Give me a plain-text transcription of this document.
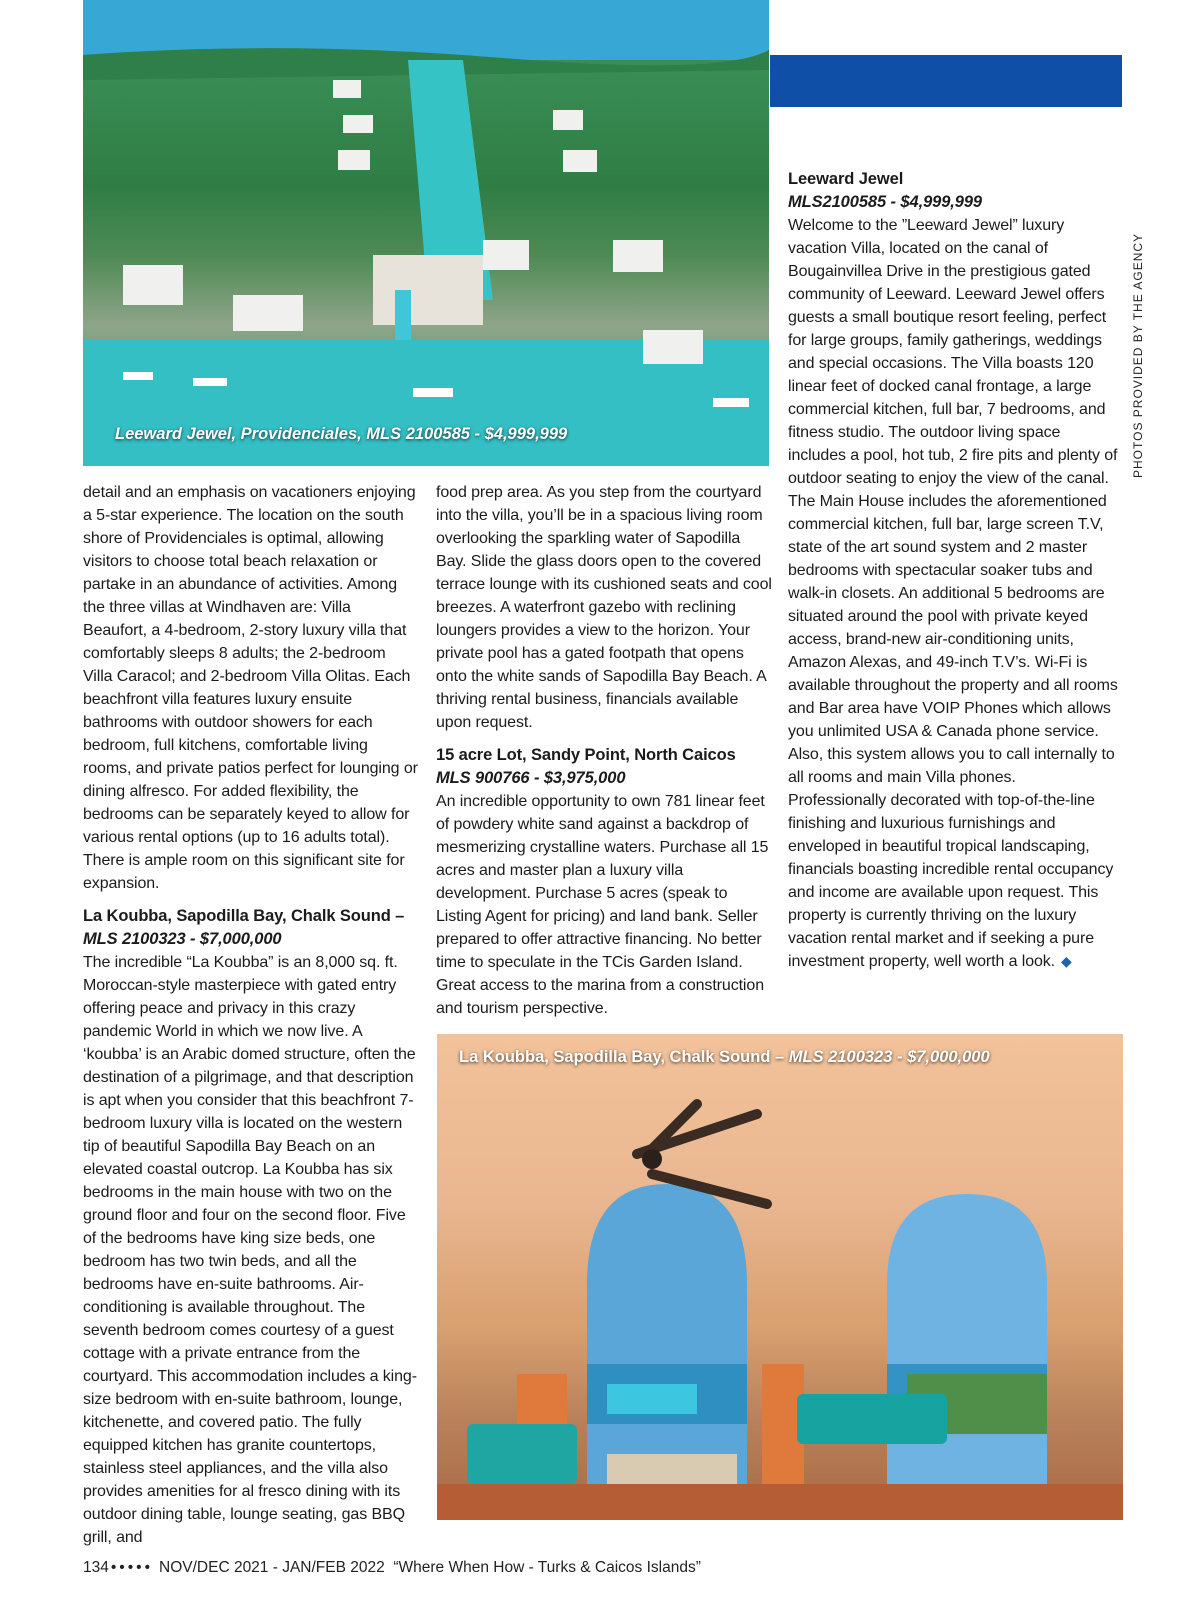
Leeward Jewel, Providenciales, MLS 2100585 - $4,999,999

Leeward Jewel

MLS2100585 - $4,999,999

Welcome to the ”Leeward Jewel” luxury vacation Villa, located on the canal of Bougainvillea Drive in the prestigious gated community of Leeward. Leeward Jewel offers guests a small boutique resort feeling, perfect for large groups, family gatherings, weddings and special occasions. The Villa boasts 120 linear feet of docked canal frontage, a large commercial kitchen, full bar, 7 bedrooms, and fitness studio. The outdoor living space includes a pool, hot tub, 2 fire pits and plenty of outdoor seating to enjoy the view of the canal. The Main House includes the aforementioned commercial kitchen, full bar, large screen T.V, state of the art sound system and 2 master bedrooms with spectacular soaker tubs and walk-in closets. An additional 5 bedrooms are situated around the pool with private keyed access, brand-new air-conditioning units, Amazon Alexas, and 49-inch T.V’s. Wi-Fi is available throughout the property and all rooms and Bar area have VOIP Phones which allows you unlimited USA & Canada phone service. Also, this system allows you to call internally to all rooms and main Villa phones. Professionally decorated with top-of-the-line finishing and luxurious furnishings and enveloped in beautiful tropical landscaping, financials boasting incredible rental occupancy and income are available upon request. This property is currently thriving on the luxury vacation rental market and if seeking a pure investment property, well worth a look. ◆

PHOTOS PROVIDED BY THE AGENCY

detail and an emphasis on vacationers enjoying a 5-star experience. The location on the south shore of Providenciales is optimal, allowing visitors to choose total beach relaxation or partake in an abundance of activities. Among the three villas at Windhaven are: Villa Beaufort, a 4-bedroom, 2-story luxury villa that comfortably sleeps 8 adults; the 2-bedroom Villa Caracol; and 2-bedroom Villa Olitas. Each beachfront villa features luxury ensuite bathrooms with outdoor showers for each bedroom, full kitchens, comfortable living rooms, and private patios perfect for lounging or dining alfresco. For added flexibility, the bedrooms can be separately keyed to allow for various rental options (up to 16 adults total). There is ample room on this significant site for expansion.

La Koubba, Sapodilla Bay, Chalk Sound –

MLS 2100323 - $7,000,000

The incredible “La Koubba” is an 8,000 sq. ft. Moroccan-style masterpiece with gated entry offering peace and privacy in this crazy pandemic World in which we now live. A ‘koubba’ is an Arabic domed structure, often the destination of a pilgrimage, and that description is apt when you consider that this beachfront 7-bedroom luxury villa is located on the western tip of beautiful Sapodilla Bay Beach on an elevated coastal outcrop. La Koubba has six bedrooms in the main house with two on the ground floor and four on the second floor. Five of the bedrooms have king size beds, one bedroom has two twin beds, and all the bedrooms have en-suite bathrooms. Air-conditioning is available throughout. The seventh bedroom comes courtesy of a guest cottage with a private entrance from the courtyard. This accommodation includes a king-size bedroom with en-suite bathroom, lounge, kitchenette, and covered patio. The fully equipped kitchen has granite countertops, stainless steel appliances, and the villa also provides amenities for al fresco dining with its outdoor dining table, lounge seating, gas BBQ grill, and

food prep area. As you step from the courtyard into the villa, you’ll be in a spacious living room overlooking the sparkling water of Sapodilla Bay. Slide the glass doors open to the covered terrace lounge with its cushioned seats and cool breezes. A waterfront gazebo with reclining loungers provides a view to the horizon. Your private pool has a gated footpath that opens onto the white sands of Sapodilla Bay Beach. A thriving rental business, financials available upon request.

15 acre Lot, Sandy Point, North Caicos

MLS 900766 - $3,975,000

An incredible opportunity to own 781 linear feet of powdery white sand against a backdrop of mesmerizing crystalline waters. Purchase all 15 acres and master plan a luxury villa development. Purchase 5 acres (speak to Listing Agent for pricing) and land bank. Seller prepared to offer attractive financing. No better time to speculate in the TCis Garden Island. Great access to the marina from a construction and tourism perspective.

La Koubba, Sapodilla Bay, Chalk Sound – MLS 2100323 - $7,000,000
134 ••••• NOV/DEC 2021 - JAN/FEB 2022 “Where When How - Turks & Caicos Islands”
